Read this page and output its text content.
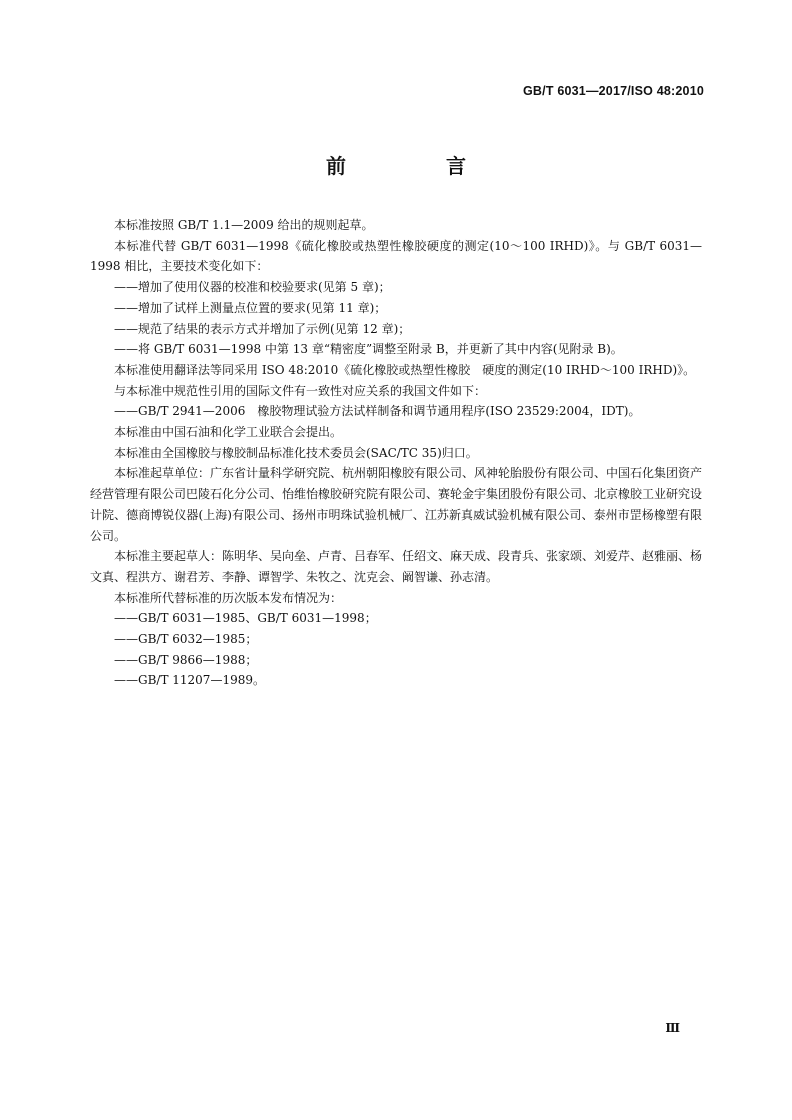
GB/T 6031—2017/ISO 48:2010
前　言

本标准按照 GB/T 1.1—2009 给出的规则起草。

本标准代替 GB/T 6031—1998《硫化橡胶或热塑性橡胶硬度的测定(10～100 IRHD)》。与 GB/T 6031—1998 相比，主要技术变化如下：

——增加了使用仪器的校准和校验要求(见第 5 章)；

——增加了试样上测量点位置的要求(见第 11 章)；

——规范了结果的表示方式并增加了示例(见第 12 章)；

——将 GB/T 6031—1998 中第 13 章“精密度”调整至附录 B，并更新了其中内容(见附录 B)。

本标准使用翻译法等同采用 ISO 48:2010《硫化橡胶或热塑性橡胶　硬度的测定(10 IRHD～100 IRHD)》。

与本标准中规范性引用的国际文件有一致性对应关系的我国文件如下：

——GB/T 2941—2006　橡胶物理试验方法试样制备和调节通用程序(ISO 23529:2004，IDT)。

本标准由中国石油和化学工业联合会提出。

本标准由全国橡胶与橡胶制品标准化技术委员会(SAC/TC 35)归口。

本标准起草单位：广东省计量科学研究院、杭州朝阳橡胶有限公司、风神轮胎股份有限公司、中国石化集团资产经营管理有限公司巴陵石化分公司、怡维怡橡胶研究院有限公司、赛轮金宇集团股份有限公司、北京橡胶工业研究设计院、德商博锐仪器(上海)有限公司、扬州市明珠试验机械厂、江苏新真威试验机械有限公司、泰州市罡杨橡塑有限公司。

本标准主要起草人：陈明华、吴向垒、卢青、吕春军、任绍文、麻天成、段青兵、张家颂、刘爱芹、赵雅丽、杨文真、程洪方、谢君芳、李静、谭智学、朱牧之、沈克会、阚智谦、孙志清。

本标准所代替标准的历次版本发布情况为：

——GB/T 6031—1985、GB/T 6031—1998；

——GB/T 6032—1985；

——GB/T 9866—1988；

——GB/T 11207—1989。

Ⅲ
